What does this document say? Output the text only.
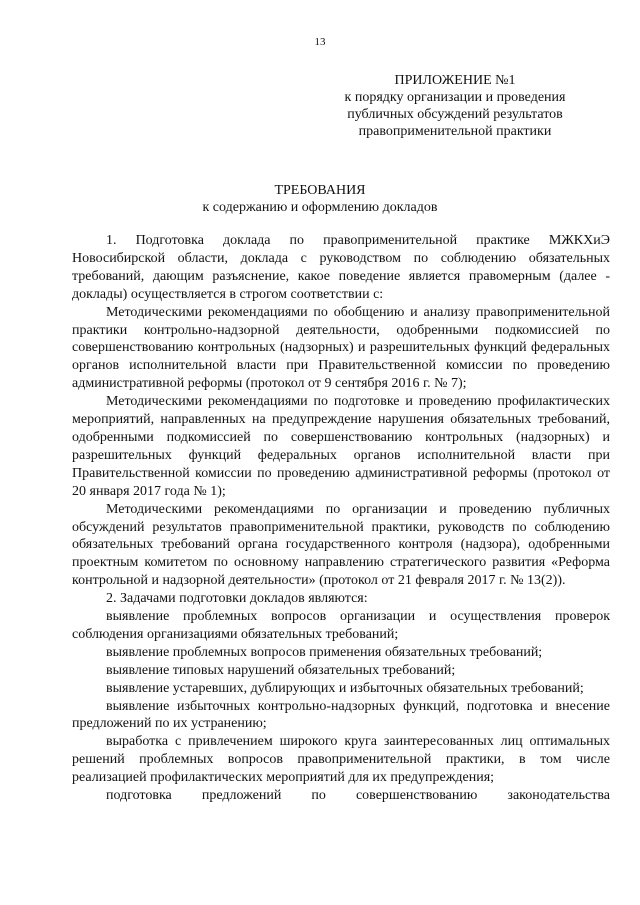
13
ПРИЛОЖЕНИЕ №1
к порядку организации и проведения
публичных обсуждений результатов
правоприменительной практики
ТРЕБОВАНИЯ
к содержанию и оформлению докладов

1. Подготовка доклада по правоприменительной практике МЖКХиЭ Новосибирской области, доклада с руководством по соблюдению обязательных требований, дающим разъяснение, какое поведение является правомерным (далее - доклады) осуществляется в строгом соответствии с:

Методическими рекомендациями по обобщению и анализу правоприменительной практики контрольно-надзорной деятельности, одобренными подкомиссией по совершенствованию контрольных (надзорных) и разрешительных функций федеральных органов исполнительной власти при Правительственной комиссии по проведению административной реформы (протокол от 9 сентября 2016 г. № 7);

Методическими рекомендациями по подготовке и проведению профилактических мероприятий, направленных на предупреждение нарушения обязательных требований, одобренными подкомиссией по совершенствованию контрольных (надзорных) и разрешительных функций федеральных органов исполнительной власти при Правительственной комиссии по проведению административной реформы (протокол от 20 января 2017 года № 1);

Методическими рекомендациями по организации и проведению публичных обсуждений результатов правоприменительной практики, руководств по соблюдению обязательных требований органа государственного контроля (надзора), одобренными проектным комитетом по основному направлению стратегического развития «Реформа контрольной и надзорной деятельности» (протокол от 21 февраля 2017 г. № 13(2)).

2. Задачами подготовки докладов являются:

выявление проблемных вопросов организации и осуществления проверок соблюдения организациями обязательных требований;

выявление проблемных вопросов применения обязательных требований;

выявление типовых нарушений обязательных требований;

выявление устаревших, дублирующих и избыточных обязательных требований;

выявление избыточных контрольно-надзорных функций, подготовка и внесение предложений по их устранению;

выработка с привлечением широкого круга заинтересованных лиц оптимальных решений проблемных вопросов правоприменительной практики, в том числе реализацией профилактических мероприятий для их предупреждения;

подготовка предложений по совершенствованию законодательства
